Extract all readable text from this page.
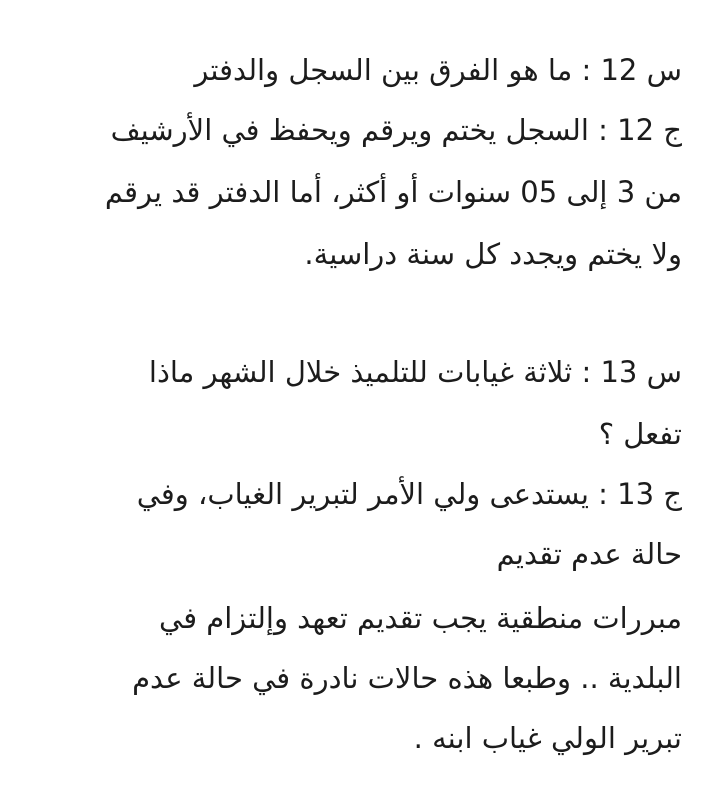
س 12 : ما هو الفرق بين السجل والدفتر
ج 12 : السجل يختم ويرقم ويحفظ في الأرشيف
من 3 إلى 05 سنوات أو أكثر، أما الدفتر قد يرقم
ولا يختم ويجدد كل سنة دراسية.
س 13 : ثلاثة غيابات للتلميذ خلال الشهر ماذا
تفعل ؟
ج 13 : يستدعى ولي الأمر لتبرير الغياب، وفي
حالة عدم تقديم
مبررات منطقية يجب تقديم تعهد وإلتزام في
البلدية .. وطبعا هذه حالات نادرة في حالة عدم
تبرير الولي غياب ابنه .
